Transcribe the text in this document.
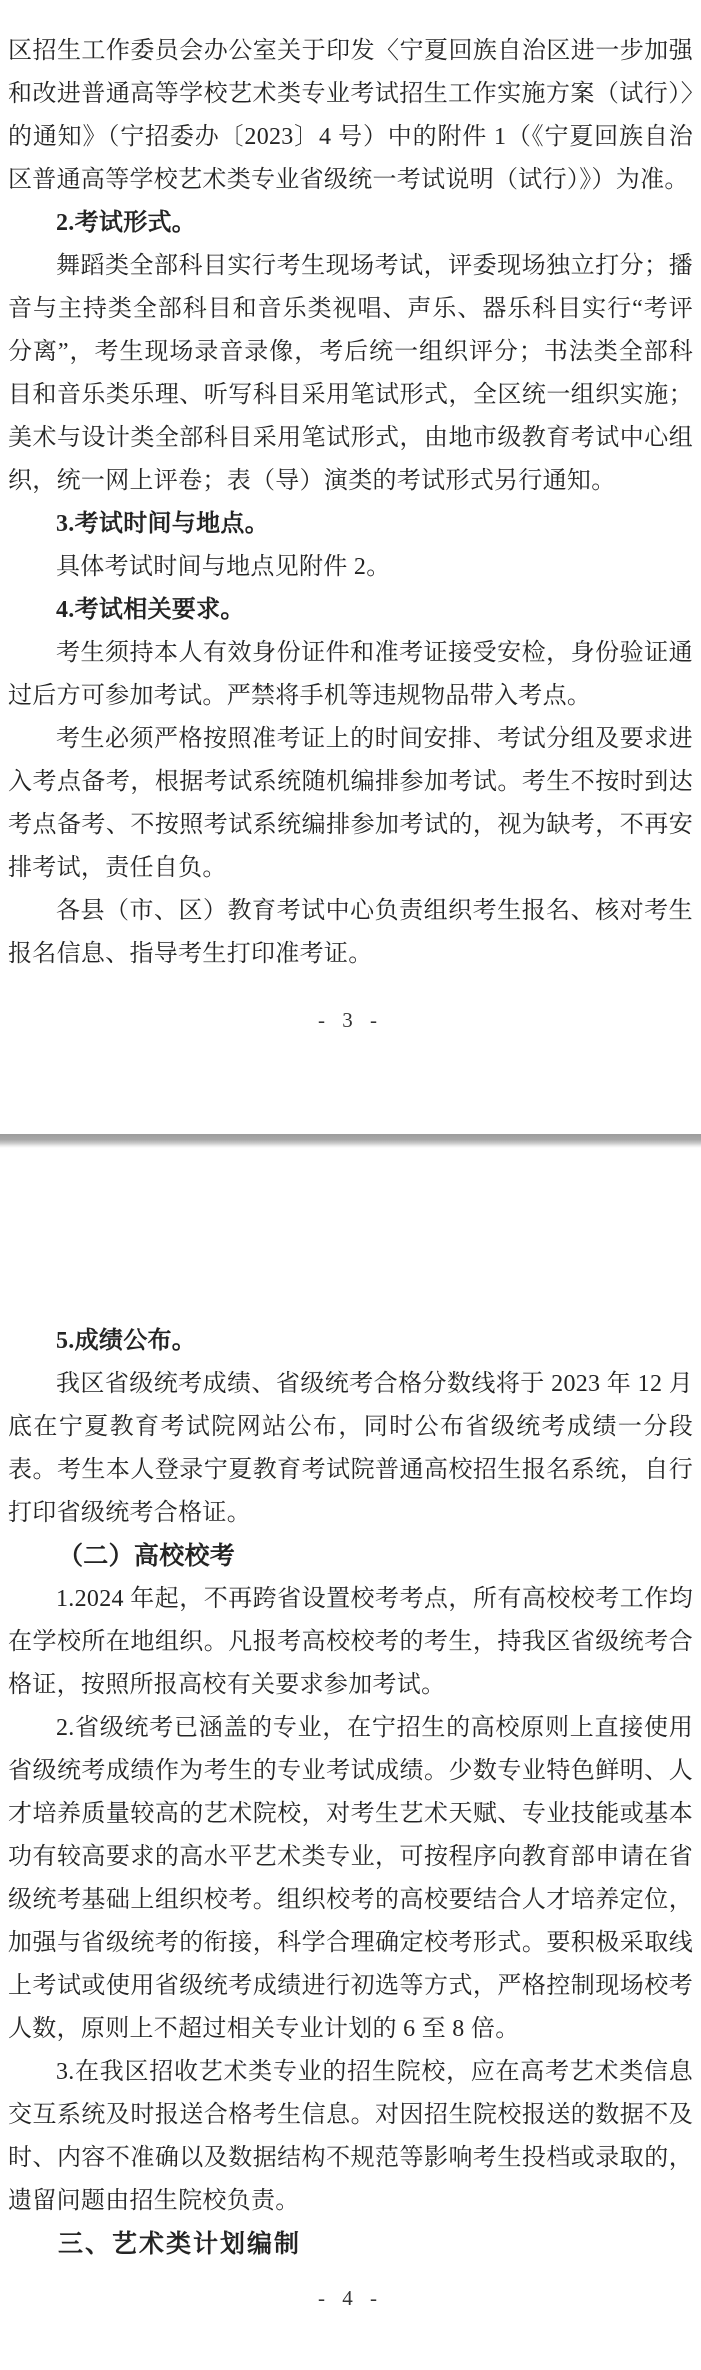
区招生工作委员会办公室关于印发〈宁夏回族自治区进一步加强和改进普通高等学校艺术类专业考试招生工作实施方案（试行）〉的通知》（宁招委办〔2023〕4 号）中的附件 1（《宁夏回族自治区普通高等学校艺术类专业省级统一考试说明（试行）》）为准。

2.考试形式。

舞蹈类全部科目实行考生现场考试，评委现场独立打分；播音与主持类全部科目和音乐类视唱、声乐、器乐科目实行“考评分离”，考生现场录音录像，考后统一组织评分；书法类全部科目和音乐类乐理、听写科目采用笔试形式，全区统一组织实施；美术与设计类全部科目采用笔试形式，由地市级教育考试中心组织，统一网上评卷；表（导）演类的考试形式另行通知。

3.考试时间与地点。

具体考试时间与地点见附件 2。

4.考试相关要求。

考生须持本人有效身份证件和准考证接受安检，身份验证通过后方可参加考试。严禁将手机等违规物品带入考点。

考生必须严格按照准考证上的时间安排、考试分组及要求进入考点备考，根据考试系统随机编排参加考试。考生不按时到达考点备考、不按照考试系统编排参加考试的，视为缺考，不再安排考试，责任自负。

各县（市、区）教育考试中心负责组织考生报名、核对考生报名信息、指导考生打印准考证。

- 3 -

5.成绩公布。

我区省级统考成绩、省级统考合格分数线将于 2023 年 12 月底在宁夏教育考试院网站公布，同时公布省级统考成绩一分段表。考生本人登录宁夏教育考试院普通高校招生报名系统，自行打印省级统考合格证。

（二）高校校考

1.2024 年起，不再跨省设置校考考点，所有高校校考工作均在学校所在地组织。凡报考高校校考的考生，持我区省级统考合格证，按照所报高校有关要求参加考试。

2.省级统考已涵盖的专业，在宁招生的高校原则上直接使用省级统考成绩作为考生的专业考试成绩。少数专业特色鲜明、人才培养质量较高的艺术院校，对考生艺术天赋、专业技能或基本功有较高要求的高水平艺术类专业，可按程序向教育部申请在省级统考基础上组织校考。组织校考的高校要结合人才培养定位，加强与省级统考的衔接，科学合理确定校考形式。要积极采取线上考试或使用省级统考成绩进行初选等方式，严格控制现场校考人数，原则上不超过相关专业计划的 6 至 8 倍。

3.在我区招收艺术类专业的招生院校，应在高考艺术类信息交互系统及时报送合格考生信息。对因招生院校报送的数据不及时、内容不准确以及数据结构不规范等影响考生投档或录取的，遗留问题由招生院校负责。

三、艺术类计划编制

- 4 -
